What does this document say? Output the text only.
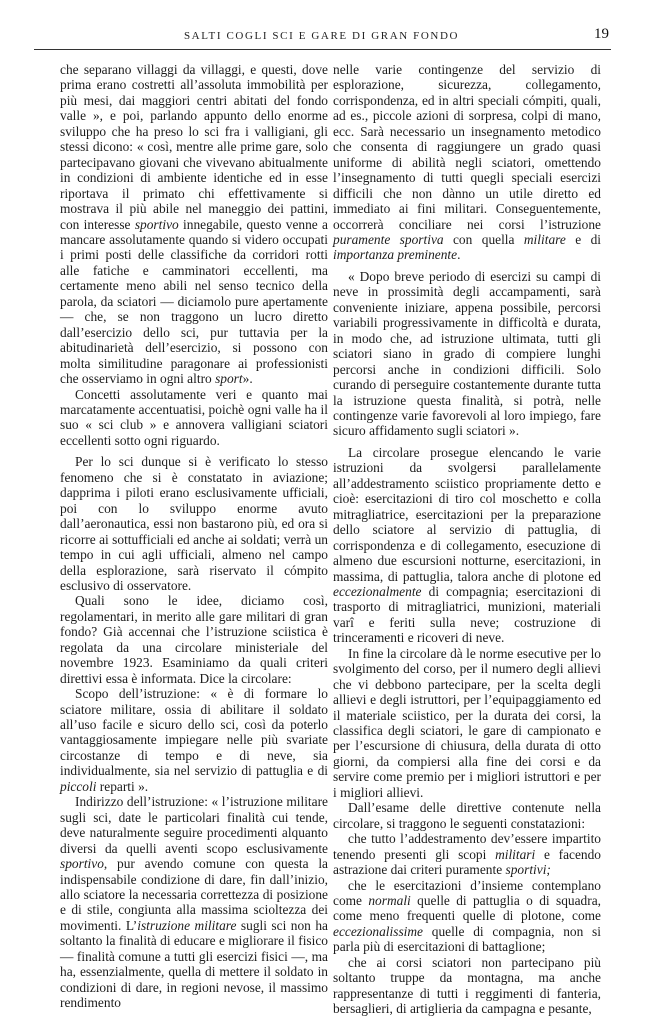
SALTI COGLI SCI E GARE DI GRAN FONDO	19

che separano villaggi da villaggi, e questi, dove prima erano costretti all’assoluta immobilità per più mesi, dai maggiori centri abitati del fondo valle », e poi, parlando appunto dello enorme sviluppo che ha preso lo sci fra i valligiani, gli stessi dicono: « così, mentre alle prime gare, solo partecipavano giovani che vivevano abitualmente in condizioni di ambiente identiche ed in esse riportava il primato chi effettivamente si mostrava il più abile nel maneggio dei pattini, con interesse sportivo innegabile, questo venne a mancare assolutamente quando si videro occupati i primi posti delle classifiche da corridori rotti alle fatiche e camminatori eccellenti, ma certamente meno abili nel senso tecnico della parola, da sciatori — diciamolo pure apertamente — che, se non traggono un lucro diretto dall’esercizio dello sci, pur tuttavia per la abitudinarietà dell’esercizio, si possono con molta similitudine paragonare ai professionisti che osserviamo in ogni altro sport».

Concetti assolutamente veri e quanto mai marcatamente accentuatisi, poichè ogni valle ha il suo « sci club » e annovera valligiani sciatori eccellenti sotto ogni riguardo.

Per lo sci dunque si è verificato lo stesso fenomeno che si è constatato in aviazione; dapprima i piloti erano esclusivamente ufficiali, poi con lo sviluppo enorme avuto dall’aeronautica, essi non bastarono più, ed ora si ricorre ai sottufficiali ed anche ai soldati; verrà un tempo in cui agli ufficiali, almeno nel campo della esplorazione, sarà riservato il cómpito esclusivo di osservatore.

Quali sono le idee, diciamo così, regolamentari, in merito alle gare militari di gran fondo? Già accennai che l’istruzione sciistica è regolata da una circolare ministeriale del novembre 1923. Esaminiamo da quali criteri direttivi essa è informata. Dice la circolare:

Scopo dell’istruzione: « è di formare lo sciatore militare, ossia di abilitare il soldato all’uso facile e sicuro dello sci, così da poterlo vantaggiosamente impiegare nelle più svariate circostanze di tempo e di neve, sia individualmente, sia nel servizio di pattuglia e di piccoli reparti ».

Indirizzo dell’istruzione: « l’istruzione militare sugli sci, date le particolari finalità cui tende, deve naturalmente seguire procedimenti alquanto diversi da quelli aventi scopo esclusivamente sportivo, pur avendo comune con questa la indispensabile condizione di dare, fin dall’inizio, allo sciatore la necessaria correttezza di posizione e di stile, congiunta alla massima scioltezza dei movimenti. L’istruzione militare sugli sci non ha soltanto la finalità di educare e migliorare il fisico — finalità comune a tutti gli esercizi fisici —, ma ha, essenzialmente, quella di mettere il soldato in condizioni di dare, in regioni nevose, il massimo rendimento

nelle varie contingenze del servizio di esplorazione, sicurezza, collegamento, corrispondenza, ed in altri speciali cómpiti, quali, ad es., piccole azioni di sorpresa, colpi di mano, ecc. Sarà necessario un insegnamento metodico che consenta di raggiungere un grado quasi uniforme di abilità negli sciatori, omettendo l’insegnamento di tutti quegli speciali esercizi difficili che non dànno un utile diretto ed immediato ai fini militari. Conseguentemente, occorrerà conciliare nei corsi l’istruzione puramente sportiva con quella militare e di importanza preminente.

« Dopo breve periodo di esercizi su campi di neve in prossimità degli accampamenti, sarà conveniente iniziare, appena possibile, percorsi variabili progressivamente in difficoltà e durata, in modo che, ad istruzione ultimata, tutti gli sciatori siano in grado di compiere lunghi percorsi anche in condizioni difficili. Solo curando di perseguire costantemente durante tutta la istruzione questa finalità, si potrà, nelle contingenze varie favorevoli al loro impiego, fare sicuro affidamento sugli sciatori ».

La circolare prosegue elencando le varie istruzioni da svolgersi parallelamente all’addestramento sciistico propriamente detto e cioè: esercitazioni di tiro col moschetto e colla mitragliatrice, esercitazioni per la preparazione dello sciatore al servizio di pattuglia, di corrispondenza e di collegamento, esecuzione di almeno due escursioni notturne, esercitazioni, in massima, di pattuglia, talora anche di plotone ed eccezionalmente di compagnia; esercitazioni di trasporto di mitragliatrici, munizioni, materiali varî e feriti sulla neve; costruzione di trinceramenti e ricoveri di neve.

In fine la circolare dà le norme esecutive per lo svolgimento del corso, per il numero degli allievi che vi debbono partecipare, per la scelta degli allievi e degli istruttori, per l’equipaggiamento ed il materiale sciistico, per la durata dei corsi, la classifica degli sciatori, le gare di campionato e per l’escursione di chiusura, della durata di otto giorni, da compiersi alla fine dei corsi e da servire come premio per i migliori istruttori e per i migliori allievi.

Dall’esame delle direttive contenute nella circolare, si traggono le seguenti constatazioni:

che tutto l’addestramento dev’essere impartito tenendo presenti gli scopi militari e facendo astrazione dai criteri puramente sportivi;

che le esercitazioni d’insieme contemplano come normali quelle di pattuglia o di squadra, come meno frequenti quelle di plotone, come eccezionalissime quelle di compagnia, non si parla più di esercitazioni di battaglione;

che ai corsi sciatori non partecipano più soltanto truppe da montagna, ma anche rappresentanze di tutti i reggimenti di fanteria, bersaglieri, di artiglieria da campagna e pesante,
